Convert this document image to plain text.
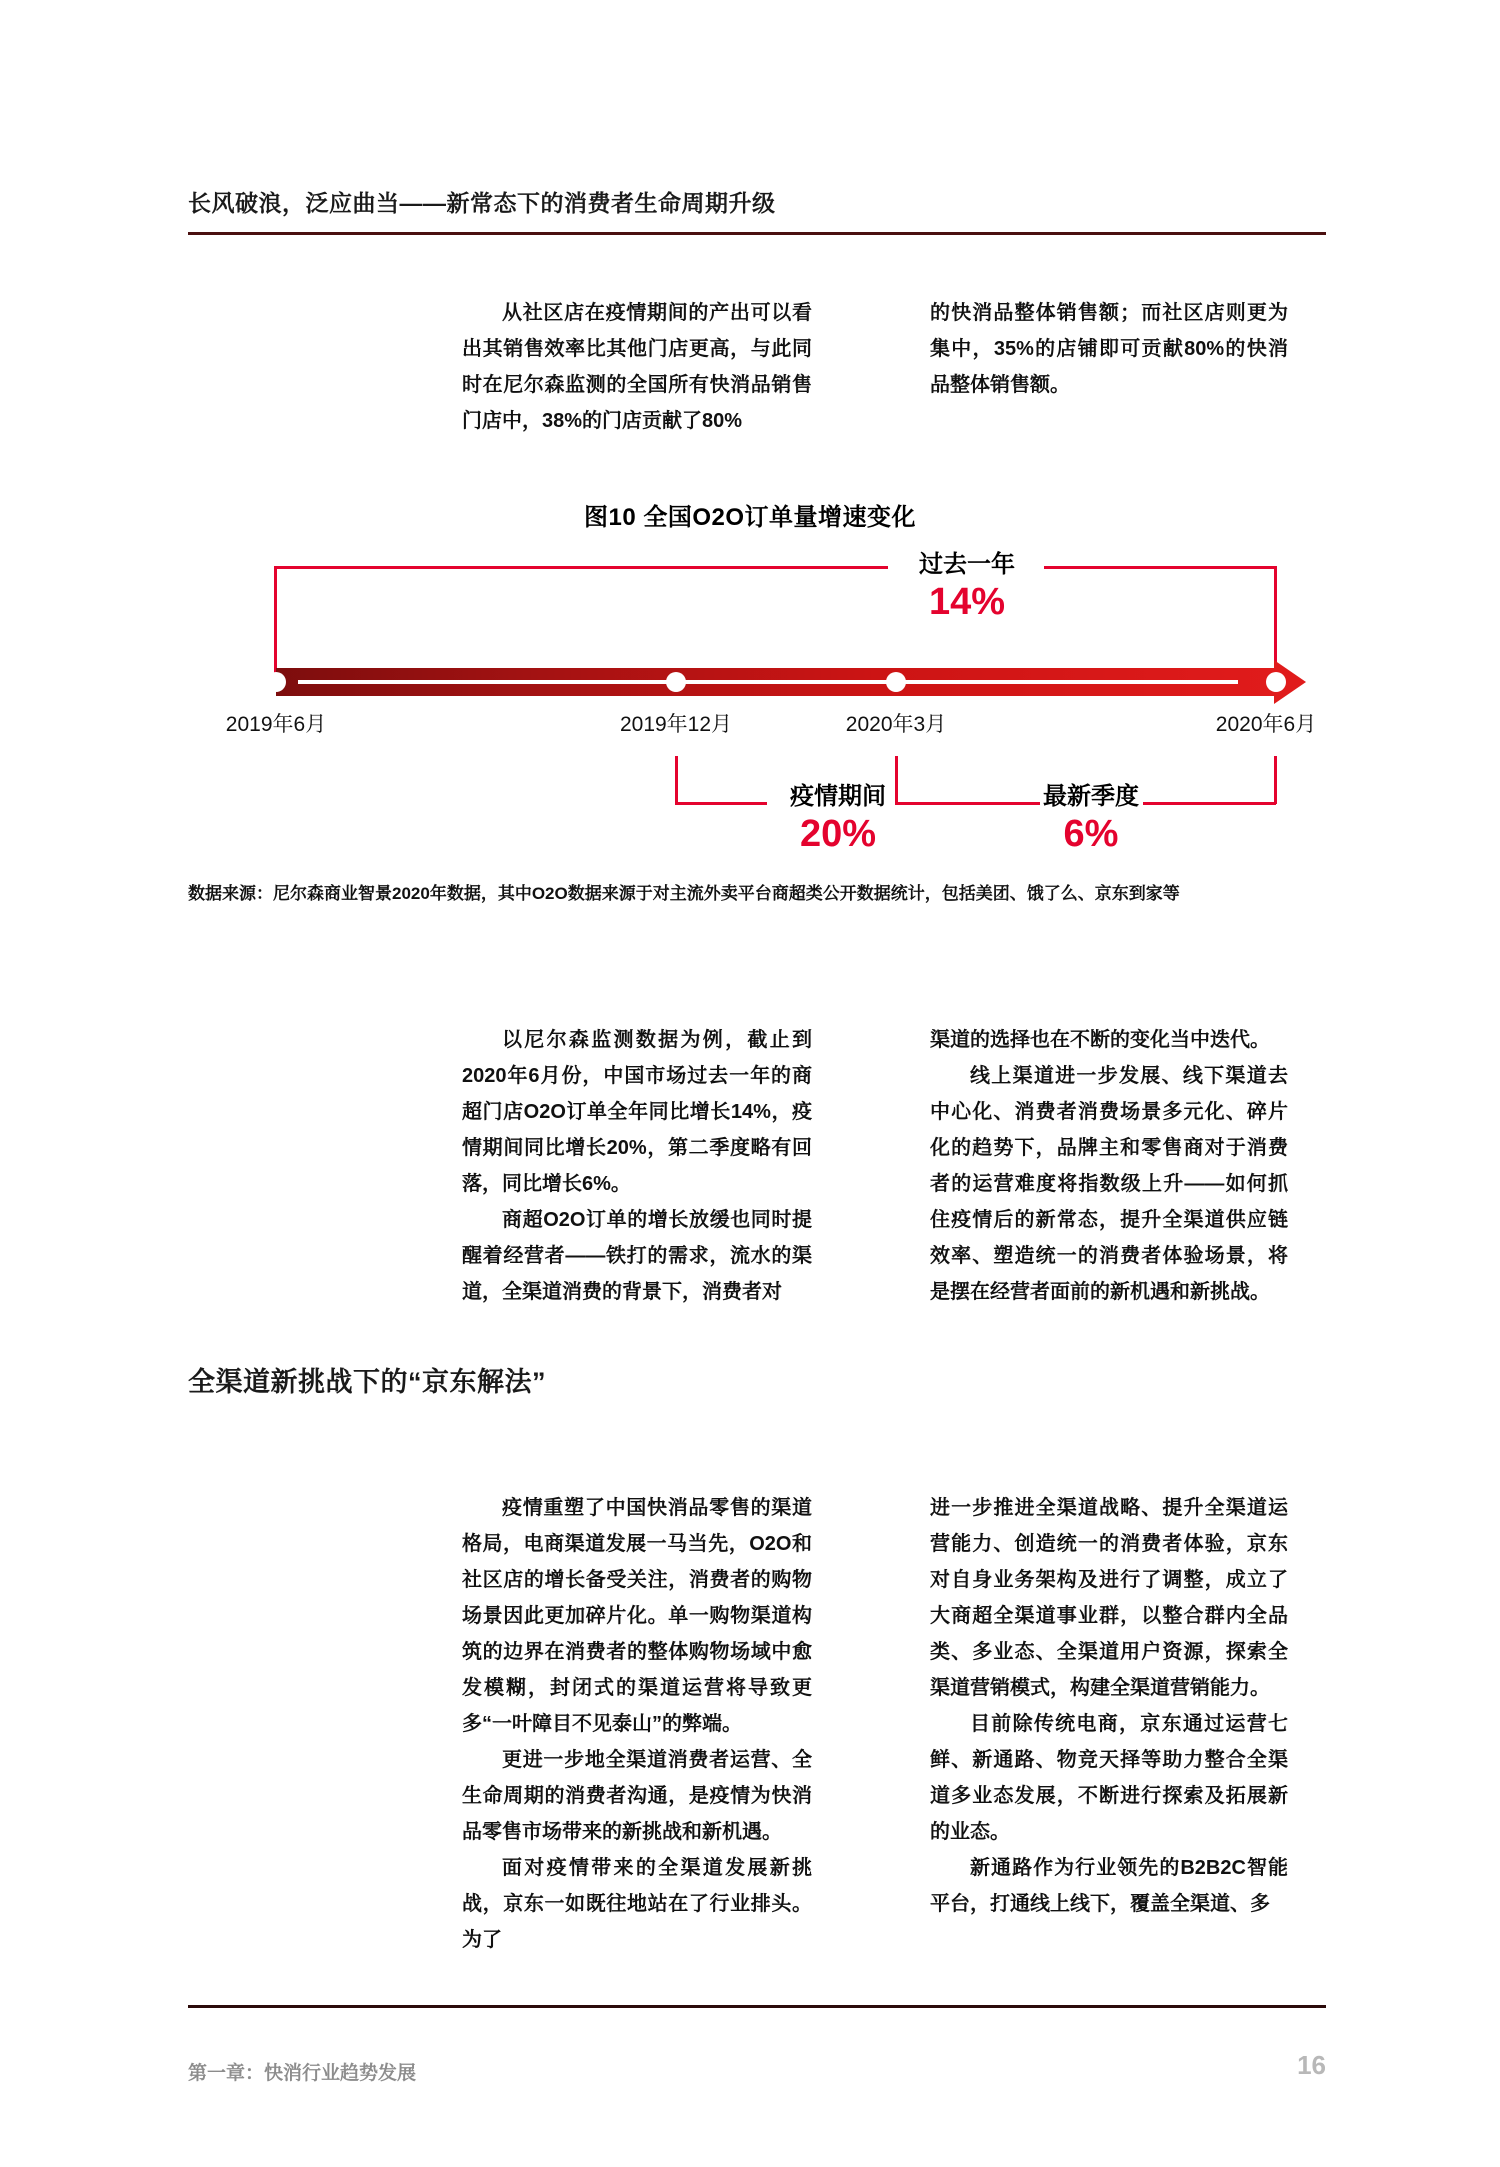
长风破浪，泛应曲当——新常态下的消费者生命周期升级

从社区店在疫情期间的产出可以看出其销售效率比其他门店更高，与此同时在尼尔森监测的全国所有快消品销售门店中，38%的门店贡献了80%

的快消品整体销售额；而社区店则更为集中，35%的店铺即可贡献80%的快消品整体销售额。

图10 全国O2O订单量增速变化
过去一年
14%
2019年6月	2019年12月	2020年3月	2020年6月
疫情期间
20%
最新季度
6%
数据来源：尼尔森商业智景2020年数据，其中O2O数据来源于对主流外卖平台商超类公开数据统计，包括美团、饿了么、京东到家等

以尼尔森监测数据为例，截止到2020年6月份，中国市场过去一年的商超门店O2O订单全年同比增长14%，疫情期间同比增长20%，第二季度略有回落，同比增长6%。

商超O2O订单的增长放缓也同时提醒着经营者——铁打的需求，流水的渠道，全渠道消费的背景下，消费者对

渠道的选择也在不断的变化当中迭代。

线上渠道进一步发展、线下渠道去中心化、消费者消费场景多元化、碎片化的趋势下，品牌主和零售商对于消费者的运营难度将指数级上升——如何抓住疫情后的新常态，提升全渠道供应链效率、塑造统一的消费者体验场景，将是摆在经营者面前的新机遇和新挑战。

全渠道新挑战下的“京东解法”

疫情重塑了中国快消品零售的渠道格局，电商渠道发展一马当先，O2O和社区店的增长备受关注，消费者的购物场景因此更加碎片化。单一购物渠道构筑的边界在消费者的整体购物场域中愈发模糊，封闭式的渠道运营将导致更多“一叶障目不见泰山”的弊端。

更进一步地全渠道消费者运营、全生命周期的消费者沟通，是疫情为快消品零售市场带来的新挑战和新机遇。

面对疫情带来的全渠道发展新挑战，京东一如既往地站在了行业排头。为了

进一步推进全渠道战略、提升全渠道运营能力、创造统一的消费者体验，京东对自身业务架构及进行了调整，成立了大商超全渠道事业群，以整合群内全品类、多业态、全渠道用户资源，探索全渠道营销模式，构建全渠道营销能力。

目前除传统电商，京东通过运营七鲜、新通路、物竞天择等助力整合全渠道多业态发展，不断进行探索及拓展新的业态。

新通路作为行业领先的B2B2C智能平台，打通线上线下，覆盖全渠道、多

第一章：快消行业趋势发展	16
